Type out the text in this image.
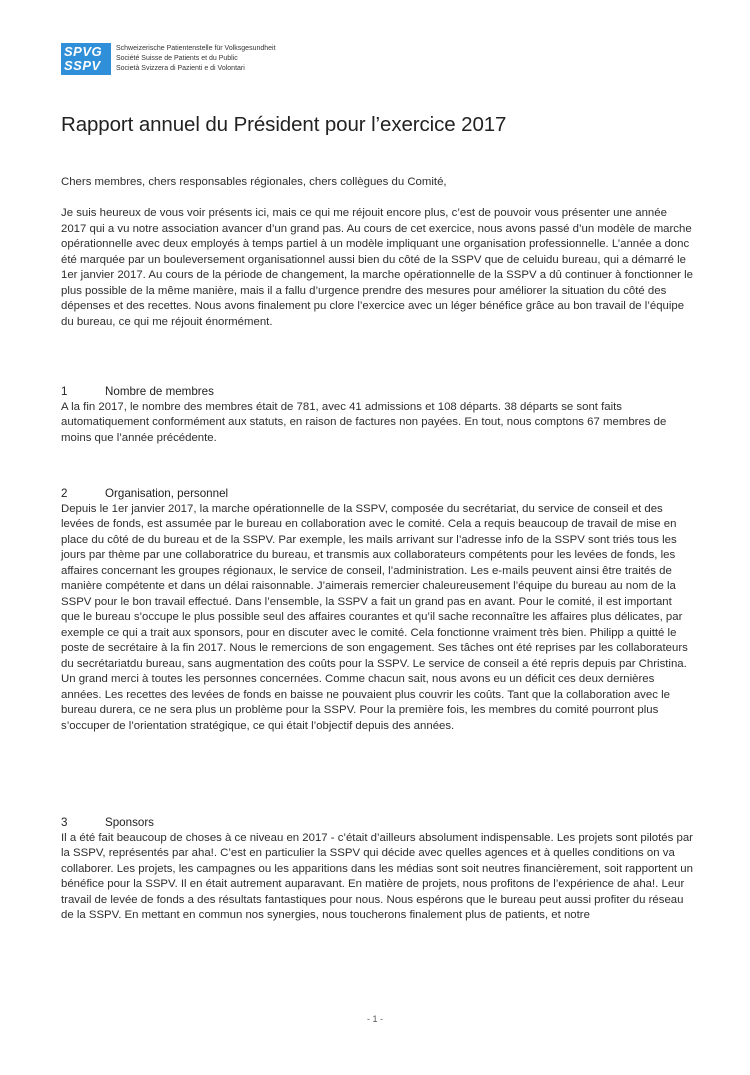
SPVG
SSPV
Schweizerische Patientenstelle für Volksgesundheit
Société Suisse de Patients et du Public
Società Svizzera di Pazienti e di Volontari
Rapport annuel du Président pour l’exercice 2017

Chers membres, chers responsables régionales, chers collègues du Comité,

Je suis heureux de vous voir présents ici, mais ce qui me réjouit encore plus, c’est de pouvoir vous présenter une année 2017 qui a vu notre association avancer d’un grand pas. Au cours de cet exercice, nous avons passé d’un modèle de marche opérationnelle avec deux employés à temps partiel à un modèle impliquant une organisation professionnelle. L’année a donc été marquée par un bouleversement organisationnel aussi bien du côté de la SSPV que de celuidu bureau, qui a démarré le 1er janvier 2017. Au cours de la période de changement, la marche opérationnelle de la SSPV a dû continuer à fonctionner le plus possible de la même manière, mais il a fallu d’urgence prendre des mesures pour améliorer la situation du côté des dépenses et des recettes. Nous avons finalement pu clore l’exercice avec un léger bénéfice grâce au bon travail de l’équipe du bureau, ce qui me réjouit énormément.

1	Nombre de membres

A la fin 2017, le nombre des membres était de 781, avec 41 admissions et 108 départs. 38 départs se sont faits automatiquement conformément aux statuts, en raison de factures non payées. En tout, nous comptons 67 membres de moins que l’année précédente.

2	Organisation, personnel

Depuis le 1er janvier 2017, la marche opérationnelle de la SSPV, composée du secrétariat, du service de conseil et des levées de fonds, est assumée par le bureau en collaboration avec le comité. Cela a requis beaucoup de travail de mise en place du côté de du bureau et de la SSPV. Par exemple, les mails arrivant sur l’adresse info de la SSPV sont triés tous les jours par thème par une collaboratrice du bureau, et transmis aux collaborateurs compétents pour les levées de fonds, les affaires concernant les groupes régionaux, le service de conseil, l’administration. Les e-mails peuvent ainsi être traités de manière compétente et dans un délai raisonnable. J’aimerais remercier chaleureusement l’équipe du bureau au nom de la SSPV pour le bon travail effectué. Dans l’ensemble, la SSPV a fait un grand pas en avant. Pour le comité, il est important que le bureau s’occupe le plus possible seul des affaires courantes et qu’il sache reconnaître les affaires plus délicates, par exemple ce qui a trait aux sponsors, pour en discuter avec le comité. Cela fonctionne vraiment très bien. Philipp a quitté le poste de secrétaire à la fin 2017. Nous le remercions de son engagement. Ses tâches ont été reprises par les collaborateurs du secrétariatdu bureau, sans augmentation des coûts pour la SSPV. Le service de conseil a été repris depuis par Christina. Un grand merci à toutes les personnes concernées. Comme chacun sait, nous avons eu un déficit ces deux dernières années. Les recettes des levées de fonds en baisse ne pouvaient plus couvrir les coûts. Tant que la collaboration avec le bureau durera, ce ne sera plus un problème pour la SSPV. Pour la première fois, les membres du comité pourront plus s’occuper de l’orientation stratégique, ce qui était l’objectif depuis des années.

3	Sponsors

Il a été fait beaucoup de choses à ce niveau en 2017 - c’était d’ailleurs absolument indispensable. Les projets sont pilotés par la SSPV, représentés par aha!. C’est en particulier la SSPV qui décide avec quelles agences et à quelles conditions on va collaborer. Les projets, les campagnes ou les apparitions dans les médias sont soit neutres financièrement, soit rapportent un bénéfice pour la SSPV. Il en était autrement auparavant. En matière de projets, nous profitons de l’expérience de aha!. Leur travail de levée de fonds a des résultats fantastiques pour nous. Nous espérons que le bureau peut aussi profiter du réseau de la SSPV. En mettant en commun nos synergies, nous toucherons finalement plus de patients, et notre

- 1 -
